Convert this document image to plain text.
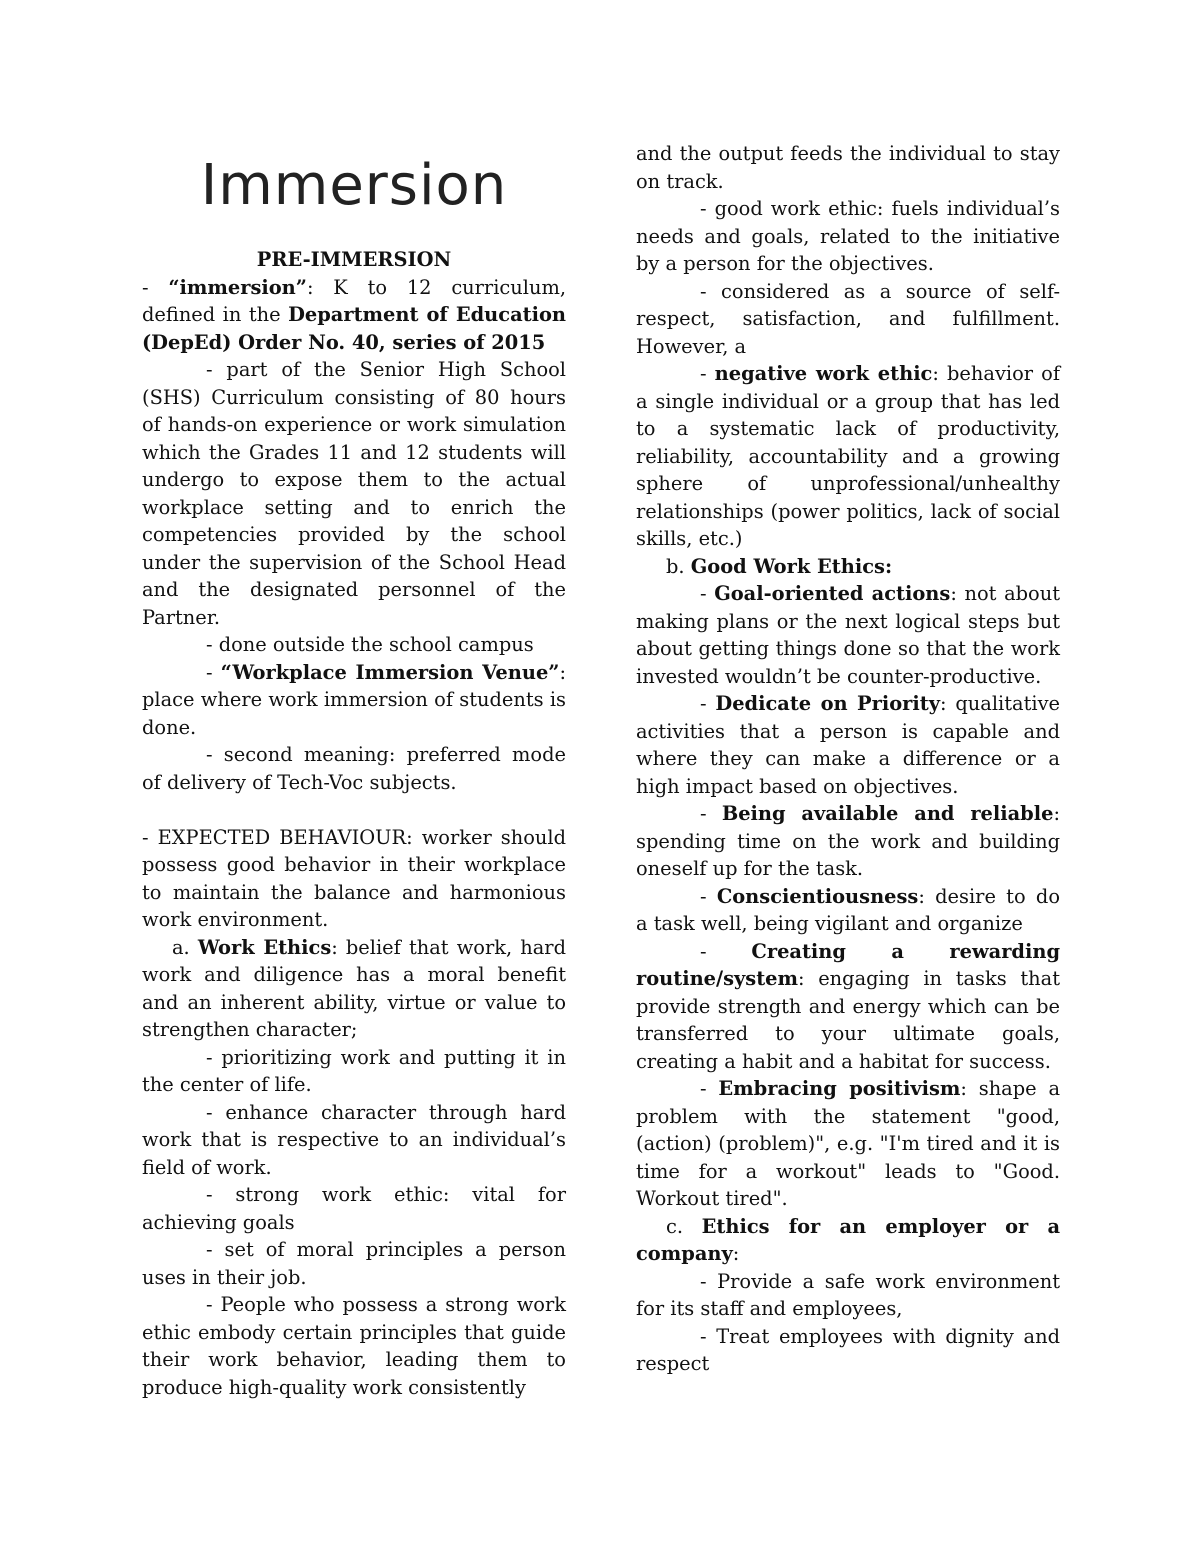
Immersion

PRE-IMMERSION

- “immersion”: K to 12 curriculum, defined in the Department of Education (DepEd) Order No. 40, series of 2015

- part of the Senior High School (SHS) Curriculum consisting of 80 hours of hands-on experience or work simulation which the Grades 11 and 12 students will undergo to expose them to the actual workplace setting and to enrich the competencies provided by the school under the supervision of the School Head and the designated personnel of the Partner.

- done outside the school campus

- “Workplace Immersion Venue”: place where work immersion of students is done.

- second meaning: preferred mode of delivery of Tech-Voc subjects.

- EXPECTED BEHAVIOUR: worker should possess good behavior in their workplace to maintain the balance and harmonious work environment.

a. Work Ethics: belief that work, hard work and diligence has a moral benefit and an inherent ability, virtue or value to strengthen character;

- prioritizing work and putting it in the center of life.

- enhance character through hard work that is respective to an individual’s field of work.

- strong work ethic: vital for achieving goals

- set of moral principles a person uses in their job.

- People who possess a strong work ethic embody certain principles that guide their work behavior, leading them to produce high-quality work consistently

and the output feeds the individual to stay on track.

- good work ethic: fuels individual’s needs and goals, related to the initiative by a person for the objectives.

- considered as a source of self-respect, satisfaction, and fulfillment. However, a

- negative work ethic: behavior of a single individual or a group that has led to a systematic lack of productivity, reliability, accountability and a growing sphere of unprofessional/unhealthy relationships (power politics, lack of social skills, etc.)

b. Good Work Ethics:

- Goal-oriented actions: not about making plans or the next logical steps but about getting things done so that the work invested wouldn’t be counter-productive.

- Dedicate on Priority: qualitative activities that a person is capable and where they can make a difference or a high impact based on objectives.

- Being available and reliable: spending time on the work and building oneself up for the task.

- Conscientiousness: desire to do a task well, being vigilant and organize

- Creating a rewarding routine/system: engaging in tasks that provide strength and energy which can be transferred to your ultimate goals, creating a habit and a habitat for success.

- Embracing positivism: shape a problem with the statement "good, (action) (problem)", e.g. "I'm tired and it is time for a workout" leads to "Good. Workout tired".

c. Ethics for an employer or a company:

- Provide a safe work environment for its staff and employees,

- Treat employees with dignity and respect
